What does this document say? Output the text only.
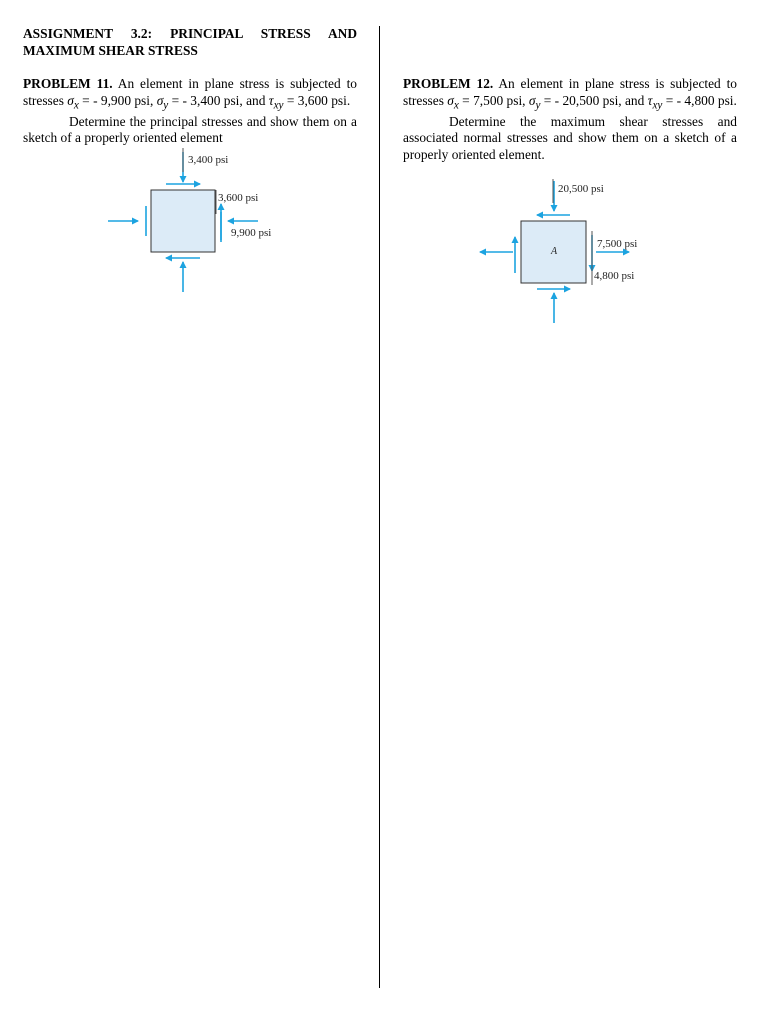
ASSIGNMENT 3.2: PRINCIPAL STRESS AND

MAXIMUM SHEAR STRESS

PROBLEM 11. An element in plane stress is subjected to stresses $\sigma_x$ = - 9,900 psi, $\sigma_y$ = - 3,400 psi, and $\tau_{xy} = 3,600$ psi.

Determine the principal stresses and show them on a sketch of a properly oriented element

3,400 psi
3,600 psi
9,900 psi

PROBLEM 12. An element in plane stress is subjected to stresses $\sigma_x = 7,500$ psi, $\sigma_y$ = - 20,500 psi, and $\tau_{xy}$ = - 4,800 psi.

Determine the maximum shear stresses and associated normal stresses and show them on a sketch of a properly oriented element.

A
20,500 psi
7,500 psi
4,800 psi
